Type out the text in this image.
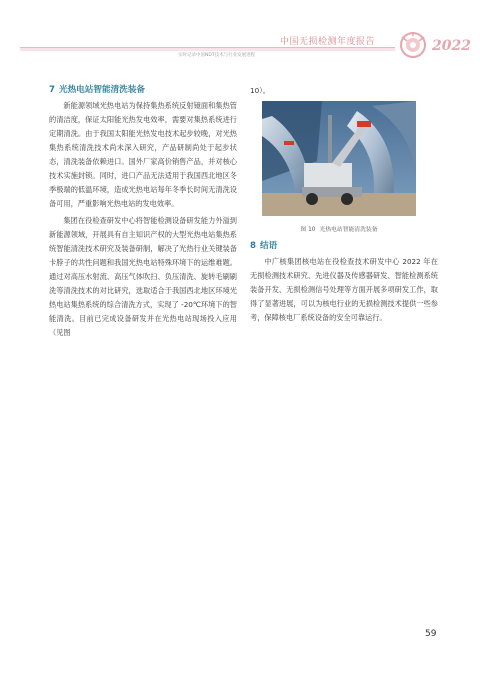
中国无损检测年度报告
实时记录中国NDT技术与行业发展进程
2022
7 光热电站智能清洗装备

新能源领域光热电站为保持集热系统反射镜面和集热管的清洁度，保证太阳能光热发电效率，需要对集热系统进行定期清洗。由于我国太阳能光热发电技术起步较晚，对光热集热系统清洗技术尚未深入研究，产品研制尚处于起步状态，清洗装备依赖进口。国外厂家高价销售产品，并对核心技术实施封锁。同时，进口产品无法适用于我国西北地区冬季极端的低温环境，造成光热电站每年冬季长时间无清洗设备可用，严重影响光热电站的发电效率。

集团在役检查研发中心将智能检测设备研发能力外溢到新能源领域，开展具有自主知识产权的大型光热电站集热系统智能清洗技术研究及装备研制，解决了光热行业关键装备卡脖子的共性问题和我国光热电站特殊环境下的运维难题。通过对高压水射流、高压气体吹扫、负压清洗、旋转毛刷刷洗等清洗技术的对比研究，选取适合于我国西北地区环境光热电站集热系统的综合清洗方式，实现了 -20℃环境下的智能清洗。目前已完成设备研发并在光热电站现场投入应用（见图

10）。

图 10 光热电站智能清洗装备
8 结语

中广核集团核电站在役检查技术研发中心 2022 年在无损检测技术研究、先进仪器及传感器研发、智能检测系统装备开发、无损检测信号处理等方面开展多项研发工作，取得了显著进展，可以为核电行业的无损检测技术提供一些参考，保障核电厂系统设备的安全可靠运行。

59
